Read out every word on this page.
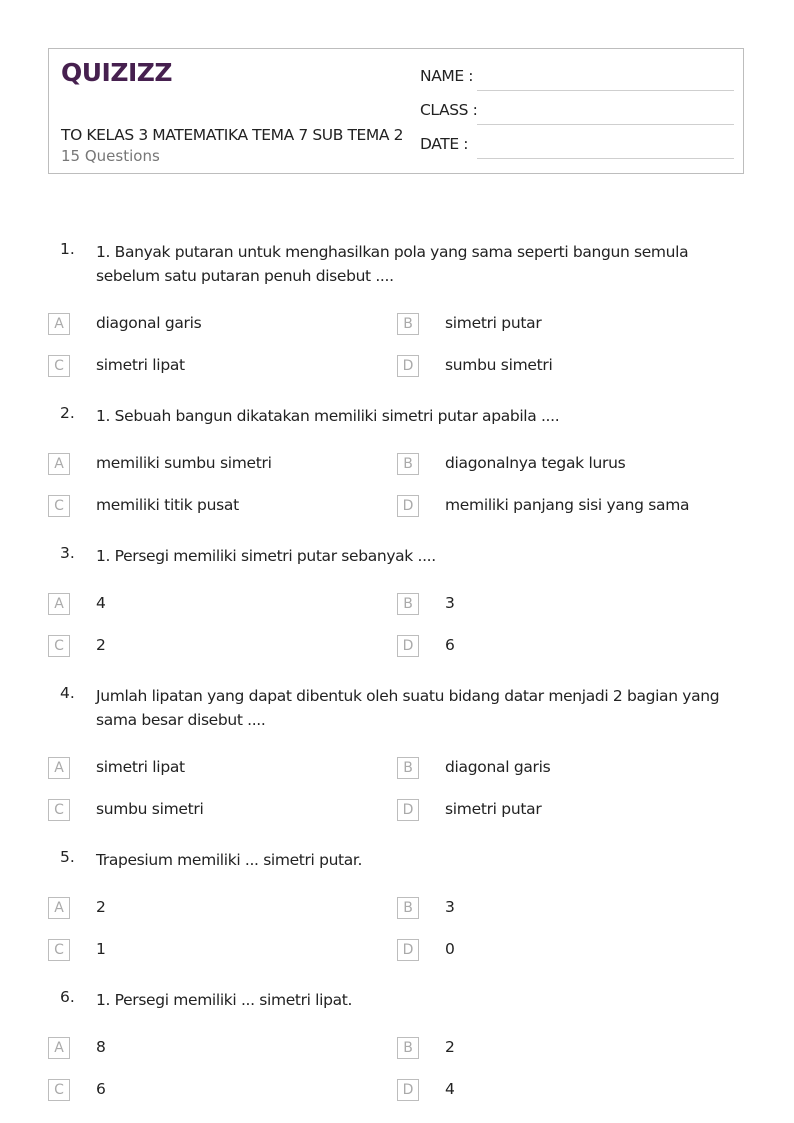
QUIZIZZ
TO KELAS 3 MATEMATIKA TEMA 7 SUB TEMA 2
15 Questions
NAME :
CLASS :
DATE :
1. 1. Banyak putaran untuk menghasilkan pola yang sama seperti bangun semula sebelum satu putaran penuh disebut ....
A	diagonal garis	B	simetri putar
C	simetri lipat	D	sumbu simetri
2. 1. Sebuah bangun dikatakan memiliki simetri putar apabila ....
A	memiliki sumbu simetri	B	diagonalnya tegak lurus
C	memiliki titik pusat	D	memiliki panjang sisi yang sama
3. 1. Persegi memiliki simetri putar sebanyak ....
A	4	B	3
C	2	D	6
4. Jumlah lipatan yang dapat dibentuk oleh suatu bidang datar menjadi 2 bagian yang sama besar disebut ....
A	simetri lipat	B	diagonal garis
C	sumbu simetri	D	simetri putar
5. Trapesium memiliki ... simetri putar.
A	2	B	3
C	1	D	0
6. 1. Persegi memiliki ... simetri lipat.
A	8	B	2
C	6	D	4
